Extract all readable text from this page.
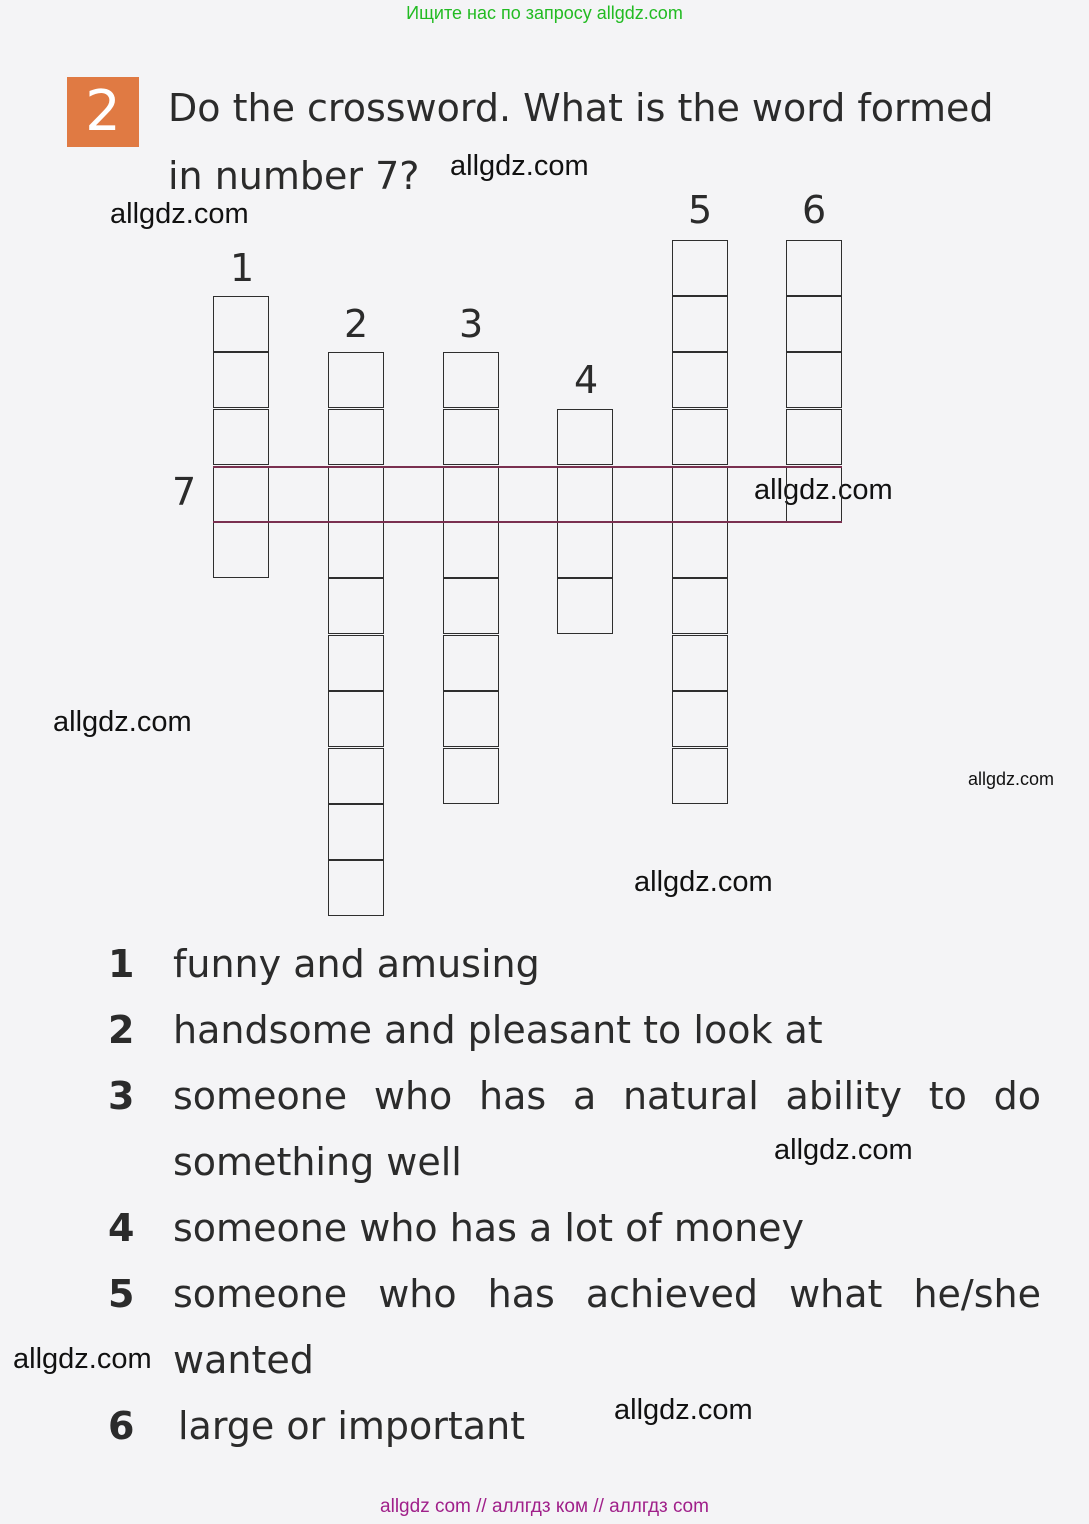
Ищите нас по запросу allgdz.com
2	Do the crossword. What is the word formed
in number 7? allgdz.com
allgdz.com
allgdz.com
allgdz.com
allgdz.com
allgdz.com
allgdz.com
allgdz.com
allgdz.com
1
2 3
4
5 6
7
1 funny and amusing
2 handsome and pleasant to look at
3 someone who has a natural ability to do
something well
4 someone who has a lot of money
5 someone who has achieved what he/she
wanted
6 large or important
allgdz com // аллгдз ком // аллгдз com
